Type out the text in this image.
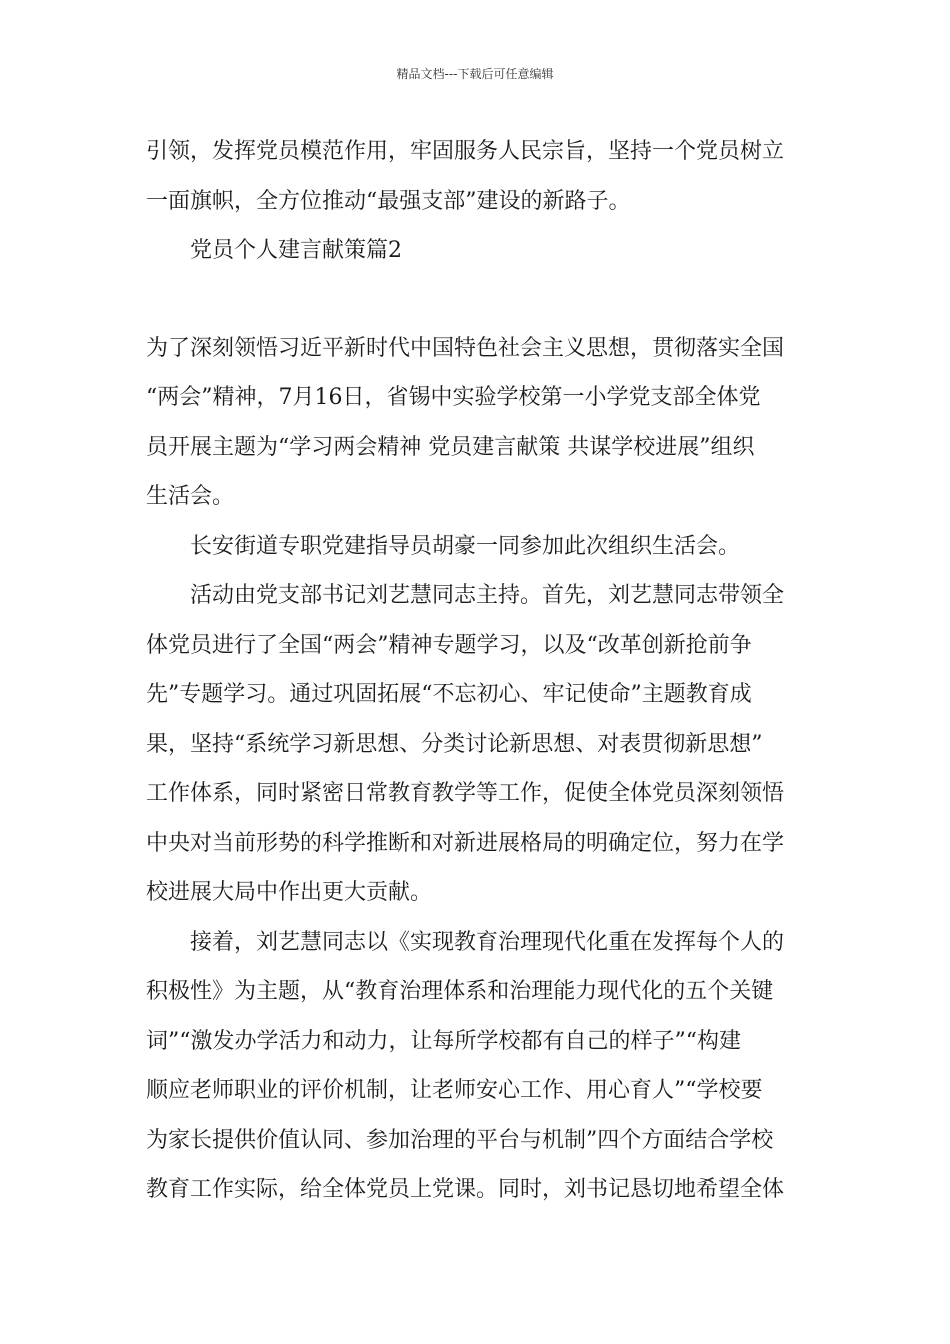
精品文档---下载后可任意编辑
引领，发挥党员模范作用，牢固服务人民宗旨，坚持一个党员树立
一面旗帜，全方位推动“最强支部”建设的新路子。
党员个人建言献策篇2
为了深刻领悟习近平新时代中国特色社会主义思想，贯彻落实全国
“两会”精神，7月16日，省锡中实验学校第一小学党支部全体党
员开展主题为“学习两会精神 党员建言献策 共谋学校进展”组织
生活会。
长安街道专职党建指导员胡豪一同参加此次组织生活会。
活动由党支部书记刘艺慧同志主持。首先，刘艺慧同志带领全
体党员进行了全国“两会”精神专题学习，以及“改革创新抢前争
先”专题学习。通过巩固拓展“不忘初心、牢记使命”主题教育成
果，坚持“系统学习新思想、分类讨论新思想、对表贯彻新思想”
工作体系，同时紧密日常教育教学等工作，促使全体党员深刻领悟
中央对当前形势的科学推断和对新进展格局的明确定位，努力在学
校进展大局中作出更大贡献。
接着，刘艺慧同志以《实现教育治理现代化重在发挥每个人的
积极性》为主题，从“教育治理体系和治理能力现代化的五个关键
词”“激发办学活力和动力，让每所学校都有自己的样子”“构建
顺应老师职业的评价机制，让老师安心工作、用心育人”“学校要
为家长提供价值认同、参加治理的平台与机制”四个方面结合学校
教育工作实际，给全体党员上党课。同时，刘书记恳切地希望全体
